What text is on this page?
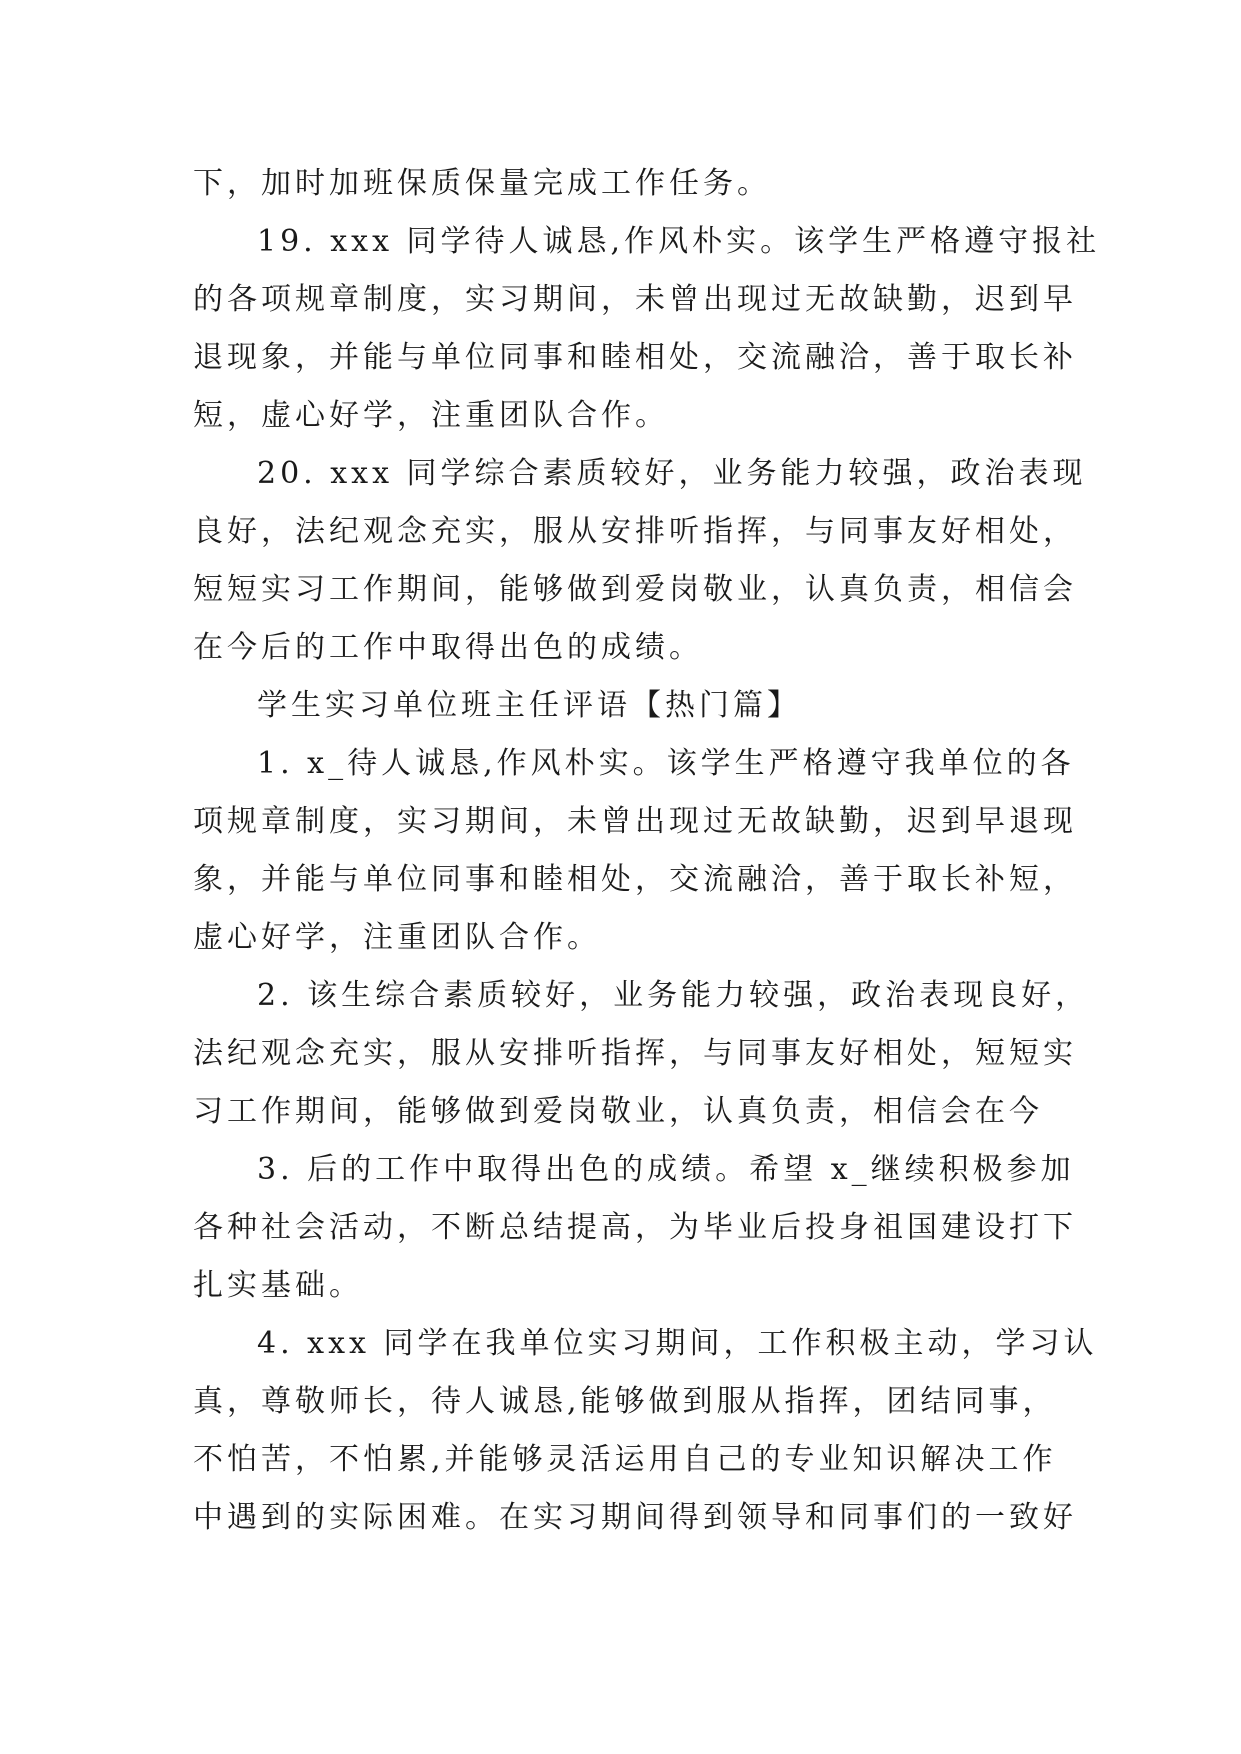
下，加时加班保质保量完成工作任务。
19. xxx 同学待人诚恳,作风朴实。该学生严格遵守报社
的各项规章制度，实习期间，未曾出现过无故缺勤，迟到早
退现象，并能与单位同事和睦相处，交流融洽，善于取长补
短，虚心好学，注重团队合作。
20. xxx 同学综合素质较好，业务能力较强，政治表现
良好，法纪观念充实，服从安排听指挥，与同事友好相处，
短短实习工作期间，能够做到爱岗敬业，认真负责，相信会
在今后的工作中取得出色的成绩。
学生实习单位班主任评语【热门篇】
1. x_待人诚恳,作风朴实。该学生严格遵守我单位的各
项规章制度，实习期间，未曾出现过无故缺勤，迟到早退现
象，并能与单位同事和睦相处，交流融洽，善于取长补短，
虚心好学，注重团队合作。
2. 该生综合素质较好，业务能力较强，政治表现良好，
法纪观念充实，服从安排听指挥，与同事友好相处，短短实
习工作期间，能够做到爱岗敬业，认真负责，相信会在今
3. 后的工作中取得出色的成绩。希望 x_继续积极参加
各种社会活动，不断总结提高，为毕业后投身祖国建设打下
扎实基础。
4. xxx 同学在我单位实习期间，工作积极主动，学习认
真，尊敬师长，待人诚恳,能够做到服从指挥，团结同事，
不怕苦，不怕累,并能够灵活运用自己的专业知识解决工作
中遇到的实际困难。在实习期间得到领导和同事们的一致好
